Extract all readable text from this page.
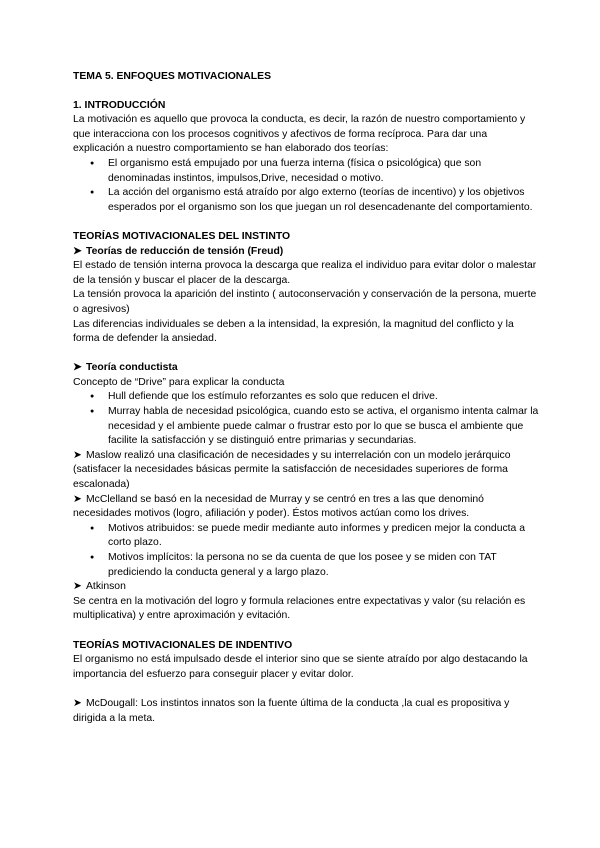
TEMA 5. ENFOQUES MOTIVACIONALES

1. INTRODUCCIÓN

La motivación es aquello que provoca la conducta, es decir, la razón de nuestro comportamiento y que interacciona con los procesos cognitivos y afectivos de forma recíproca. Para dar una explicación a nuestro comportamiento se han elaborado dos teorías:

● El organismo está empujado por una fuerza interna (física o psicológica) que son denominadas instintos, impulsos,Drive, necesidad o motivo.
● La acción del organismo está atraído por algo externo (teorías de incentivo) y los objetivos esperados por el organismo son los que juegan un rol desencadenante del comportamiento.

TEORÍAS MOTIVACIONALES DEL INSTINTO

➤ Teorías de reducción de tensión (Freud)

El estado de tensión interna provoca la descarga que realiza el individuo para evitar dolor o malestar de la tensión y buscar el placer de la descarga.

La tensión provoca la aparición del instinto ( autoconservación y conservación de la persona, muerte o agresivos)

Las diferencias individuales se deben a la intensidad, la expresión, la magnitud del conflicto y la forma de defender la ansiedad.

➤ Teoría conductista

Concepto de “Drive” para explicar la conducta

● Hull defiende que los estímulo reforzantes es solo que reducen el drive.
● Murray habla de necesidad psicológica, cuando esto se activa, el organismo intenta calmar la necesidad y el ambiente puede calmar o frustrar esto por lo que se busca el ambiente que facilite la satisfacción y se distinguió entre primarias y secundarias.

➤ Maslow realizó una clasificación de necesidades y su interrelación con un modelo jerárquico (satisfacer la necesidades básicas permite la satisfacción de necesidades superiores de forma escalonada)

➤ McClelland se basó en la necesidad de Murray y se centró en tres a las que denominó necesidades motivos (logro, afiliación y poder). Éstos motivos actúan como los drives.

● Motivos atribuidos: se puede medir mediante auto informes y predicen mejor la conducta a corto plazo.
● Motivos implícitos: la persona no se da cuenta de que los posee y se miden con TAT prediciendo la conducta general y a largo plazo.

➤ Atkinson

Se centra en la motivación del logro y formula relaciones entre expectativas y valor (su relación es multiplicativa) y entre aproximación y evitación.

TEORÍAS MOTIVACIONALES DE INDENTIVO

El organismo no está impulsado desde el interior sino que se siente atraído por algo destacando la importancia del esfuerzo para conseguir placer y evitar dolor.

➤ McDougall: Los instintos innatos son la fuente última de la conducta ,la cual es propositiva y dirigida a la meta.
